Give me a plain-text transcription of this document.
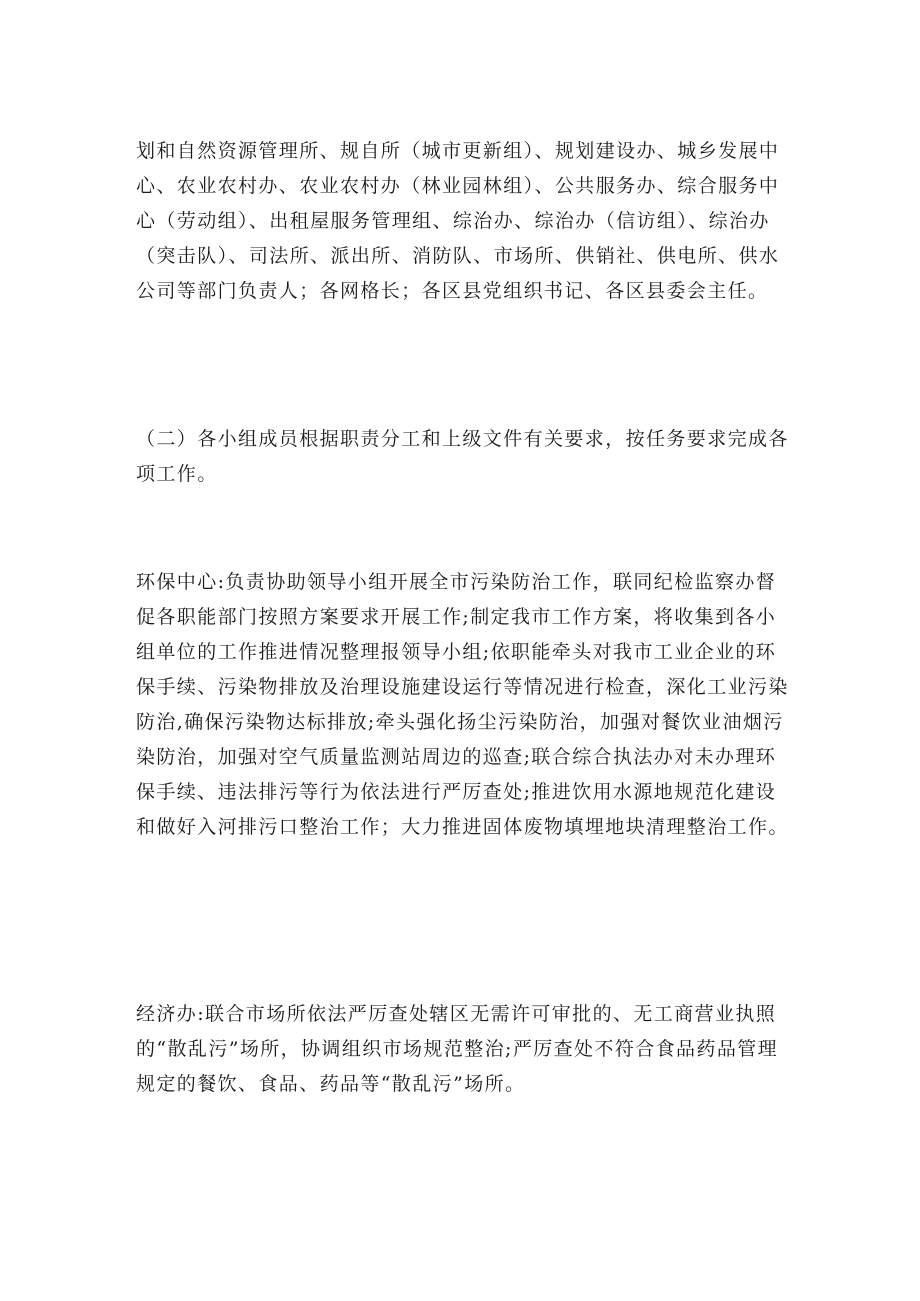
划和自然资源管理所、规自所（城市更新组）、规划建设办、城乡发展中心、农业农村办、农业农村办（林业园林组）、公共服务办、综合服务中心（劳动组）、出租屋服务管理组、综治办、综治办（信访组）、综治办（突击队）、司法所、派出所、消防队、市场所、供销社、供电所、供水公司等部门负责人；各网格长；各区县党组织书记、各区县委会主任。

（二）各小组成员根据职责分工和上级文件有关要求，按任务要求完成各项工作。

环保中心:负责协助领导小组开展全市污染防治工作，联同纪检监察办督促各职能部门按照方案要求开展工作;制定我市工作方案，将收集到各小组单位的工作推进情况整理报领导小组;依职能牵头对我市工业企业的环保手续、污染物排放及治理设施建设运行等情况进行检查，深化工业污染防治,确保污染物达标排放;牵头强化扬尘污染防治，加强对餐饮业油烟污染防治，加强对空气质量监测站周边的巡查;联合综合执法办对未办理环保手续、违法排污等行为依法进行严厉查处;推进饮用水源地规范化建设和做好入河排污口整治工作；大力推进固体废物填埋地块清理整治工作。

经济办:联合市场所依法严厉查处辖区无需许可审批的、无工商营业执照的“散乱污”场所，协调组织市场规范整治;严厉查处不符合食品药品管理规定的餐饮、食品、药品等“散乱污”场所。
